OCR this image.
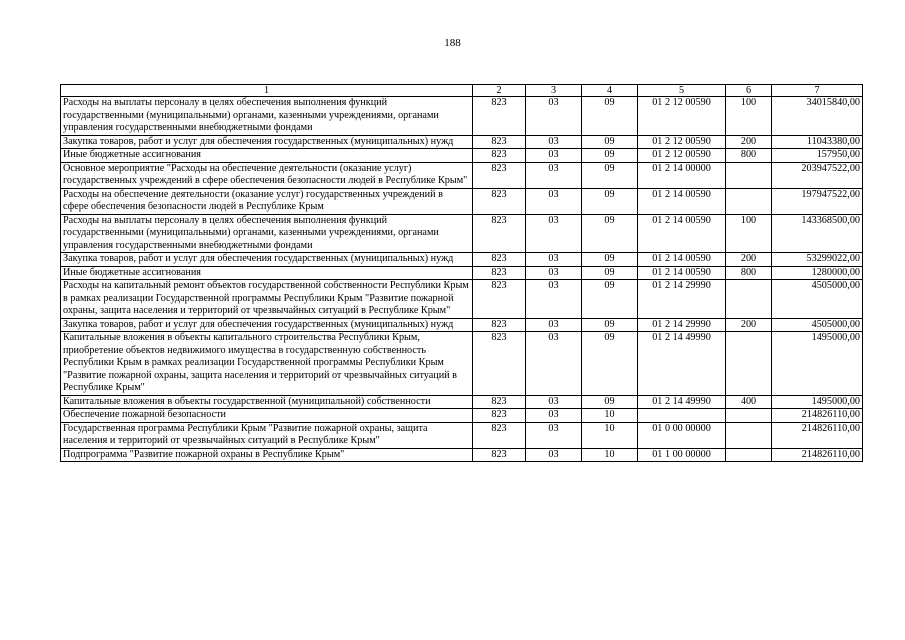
188
1	2	3	4	5	6	7
Расходы на выплаты персоналу в целях обеспечения выполнения функций государственными (муниципальными) органами, казенными учреждениями, органами управления государственными внебюджетными фондами	823	03	09	01 2 12 00590	100	34015840,00
Закупка товаров, работ и услуг для обеспечения государственных (муниципальных) нужд	823	03	09	01 2 12 00590	200	11043380,00
Иные бюджетные ассигнования	823	03	09	01 2 12 00590	800	157950,00
Основное мероприятие "Расходы на обеспечение деятельности (оказание услуг) государственных учреждений в сфере обеспечения безопасности людей в Республике Крым"	823	03	09	01 2 14 00000		203947522,00
Расходы на обеспечение деятельности (оказание услуг) государственных учреждений в сфере обеспечения безопасности людей в Республике Крым	823	03	09	01 2 14 00590		197947522,00
Расходы на выплаты персоналу в целях обеспечения выполнения функций государственными (муниципальными) органами, казенными учреждениями, органами управления государственными внебюджетными фондами	823	03	09	01 2 14 00590	100	143368500,00
Закупка товаров, работ и услуг для обеспечения государственных (муниципальных) нужд	823	03	09	01 2 14 00590	200	53299022,00
Иные бюджетные ассигнования	823	03	09	01 2 14 00590	800	1280000,00
Расходы на капитальный ремонт объектов государственной собственности Республики Крым в рамках реализации Государственной программы Республики Крым "Развитие пожарной охраны, защита населения и территорий от чрезвычайных ситуаций в Республике Крым"	823	03	09	01 2 14 29990		4505000,00
Закупка товаров, работ и услуг для обеспечения государственных (муниципальных) нужд	823	03	09	01 2 14 29990	200	4505000,00
Капитальные вложения в объекты капитального строительства Республики Крым, приобретение объектов недвижимого имущества в государственную собственность Республики Крым в рамках реализации Государственной программы Республики Крым "Развитие пожарной охраны, защита населения и территорий от чрезвычайных ситуаций в Республике Крым"	823	03	09	01 2 14 49990		1495000,00
Капитальные вложения в объекты государственной (муниципальной) собственности	823	03	09	01 2 14 49990	400	1495000,00
Обеспечение пожарной безопасности	823	03	10			214826110,00
Государственная программа Республики Крым "Развитие пожарной охраны, защита населения и территорий от чрезвычайных ситуаций в Республике Крым"	823	03	10	01 0 00 00000		214826110,00
Подпрограмма "Развитие пожарной охраны в Республике Крым"	823	03	10	01 1 00 00000		214826110,00
